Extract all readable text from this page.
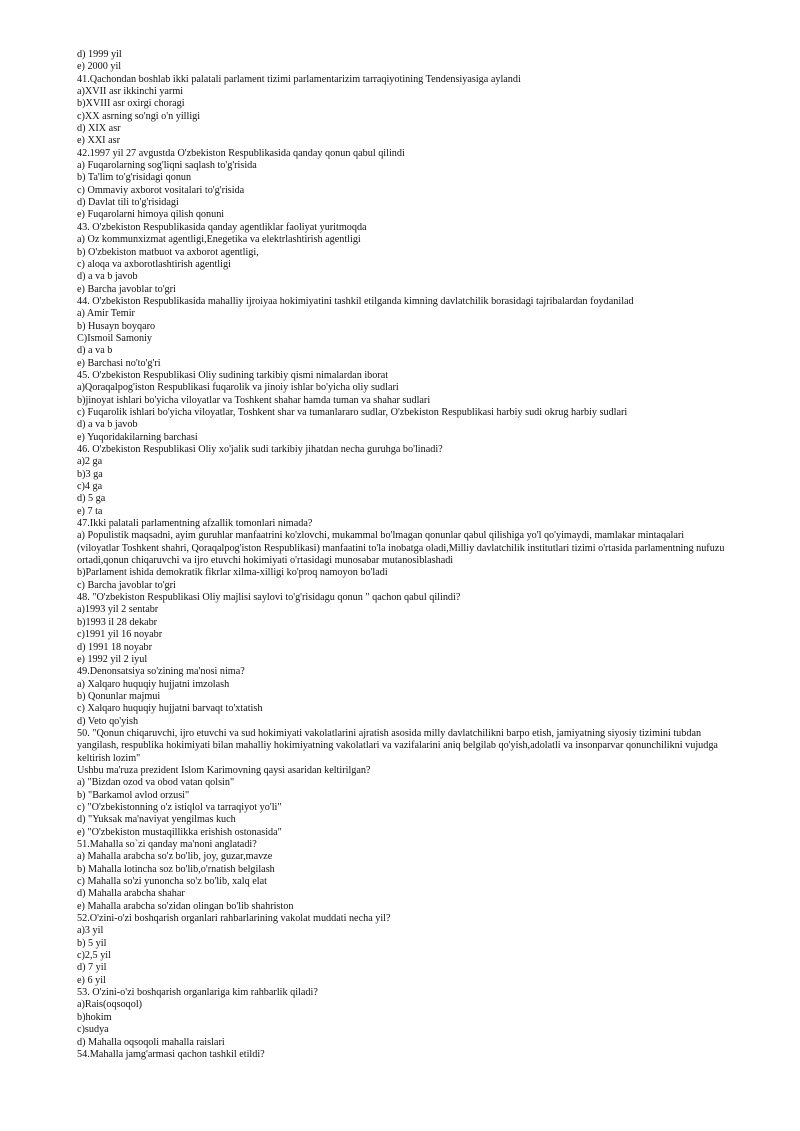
d) 1999 yil
e) 2000 yil
41.Qachondan boshlab ikki palatali parlament tizimi parlamentarizim tarraqiyotining Tendensiyasiga aylandi
a)XVII asr ikkinchi yarmi
b)XVIII asr oxirgi choragi
c)XX asrning so'ngi o'n yilligi
d) XIX asr
e) XXI asr
42.1997 yil 27 avgustda O'zbekiston Respublikasida qanday qonun qabul qilindi
a) Fuqarolarning sog'liqni saqlash to'g'risida
b) Ta'lim to'g'risidagi qonun
c) Ommaviy axborot vositalari to'g'risida
d) Davlat tili to'g'risidagi
e) Fuqarolarni himoya qilish qonuni
43. O'zbekiston Respublikasida qanday agentliklar faoliyat yuritmoqda
a) Oz kommunxizmat agentligi,Enegetika va elektrlashtirish agentligi
b) O'zbekiston matbuot va axborot agentligi,
c) aloqa va axborotlashtirish agentligi
d) a va b javob
e) Barcha javoblar to'gri
44. O'zbekiston Respublikasida mahalliy ijroiyaa hokimiyatini tashkil etilganda kimning davlatchilik borasidagi tajribalardan foydanilad
a) Amir Temir
b) Husayn boyqaro
C)Ismoil Samoniy
d) a va b
e) Barchasi no'to'g'ri
45. O'zbekiston Respublikasi Oliy sudining tarkibiy qismi nimalardan iborat
a)Qoraqalpog'iston Respublikasi fuqarolik va jinoiy ishlar bo'yicha oliy sudlari
b)jinoyat ishlari bo'yicha viloyatlar va Toshkent shahar hamda tuman va shahar sudlari
c) Fuqarolik ishlari bo'yicha viloyatlar, Toshkent shar va tumanlararo sudlar, O'zbekiston Respublikasi harbiy sudi okrug harbiy sudlari
d) a va b javob
e) Yuqoridakilarning barchasi
46. O'zbekiston Respublikasi Oliy xo'jalik sudi tarkibiy jihatdan necha guruhga bo'linadi?
a)2 ga
b)3 ga
c)4 ga
d) 5 ga
e) 7 ta
47.Ikki palatali parlamentning afzallik tomonlari nimada?
a) Populistik maqsadni, ayim guruhlar manfaatrini ko'zlovchi, mukammal bo'lmagan qonunlar qabul qilishiga yo'l qo'yimaydi, mamlakar mintaqalari (viloyatlar Toshkent shahri, Qoraqalpog'iston Respublikasi) manfaatini to'la inobatga oladi,Milliy davlatchilik institutlari tizimi o'rtasida parlamentning nufuzu ortadi,qonun chiqaruvchi va ijro etuvchi hokimiyati o'rtasidagi munosabar mutanosiblashadi
b)Parlament ishida demokratik fikrlar xilma-xilligi ko'proq namoyon bo'ladi
c) Barcha javoblar to'gri
48. "O'zbekiston Respublikasi Oliy majlisi saylovi to'g'risidagu qonun " qachon qabul qilindi?
a)1993 yil 2 sentabr
b)1993 il 28 dekabr
c)1991 yil 16 noyabr
d) 1991 18 noyabr
e) 1992 yil 2 iyul
49.Denonsatsiya so'zining ma'nosi nima?
a) Xalqaro huquqiy hujjatni imzolash
b) Qonunlar majmui
c) Xalqaro huquqiy hujjatni barvaqt to'xtatish
d) Veto qo'yish
50. "Qonun chiqaruvchi, ijro etuvchi va sud hokimiyati vakolatlarini ajratish asosida milly davlatchilikni barpo etish, jamiyatning siyosiy tizimini tubdan yangilash, respublika hokimiyati bilan mahalliy hokimiyatning vakolatlari va vazifalarini aniq belgilab qo'yish,adolatli va insonparvar qonunchilikni vujudga keltirish lozim"
Ushbu ma'ruza prezident Islom Karimovning qaysi asaridan keltirilgan?
a) "Bizdan ozod va obod vatan qolsin"
b) "Barkamol avlod orzusi"
c) "O'zbekistonning o'z istiqlol va tarraqiyot yo'li"
d) "Yuksak ma'naviyat yengilmas kuch
e) "O'zbekiston mustaqillikka erishish ostonasida"
51.Mahalla so`zi qanday ma'noni anglatadi?
a) Mahalla arabcha so'z bo'lib, joy, guzar,mavze
b) Mahalla lotincha soz bo'lib,o'rnatish belgilash
c) Mahalla so'zi yunoncha so'z bo'lib, xalq elat
d) Mahalla arabcha shahar
e) Mahalla arabcha so'zidan olingan bo'lib shahriston
52.O'zini-o'zi boshqarish organlari rahbarlarining vakolat muddati necha yil?
a)3 yil
b) 5 yil
c)2,5 yil
d) 7 yil
e) 6 yil
53. O'zini-o'zi boshqarish organlariga kim rahbarlik qiladi?
a)Rais(oqsoqol)
b)hokim
c)sudya
d) Mahalla oqsoqoli mahalla raislari
54.Mahalla jamg'armasi qachon tashkil etildi?
